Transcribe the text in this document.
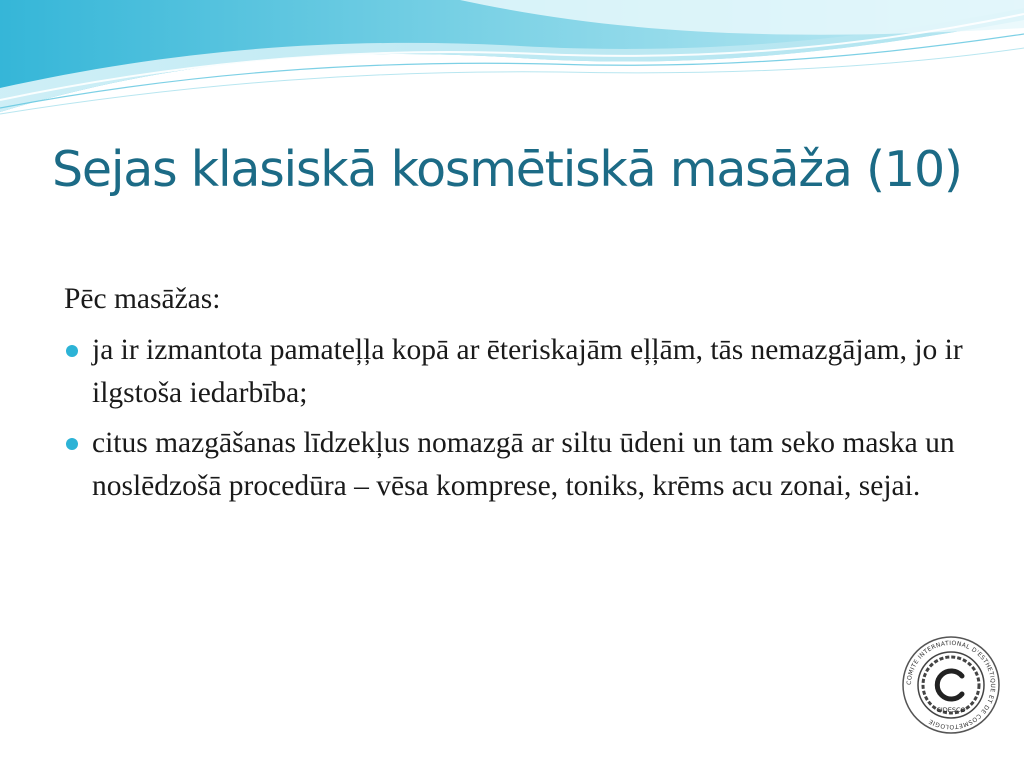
Sejas klasiskā kosmētiskā masāža (10)

Pēc masāžas:

ja ir izmantota pamateļļa kopā ar ēteriskajām eļļām, tās nemazgājam, jo ir ilgstoša iedarbība;
citus mazgāšanas līdzekļus nomazgā ar siltu ūdeni un tam seko maska un noslēdzošā procedūra – vēsa komprese, toniks, krēms acu zonai, sejai.
COMITE INTERNATIONAL D'ESTHETIQUE ET DE COSMETOLOGIE
CIDESCO
